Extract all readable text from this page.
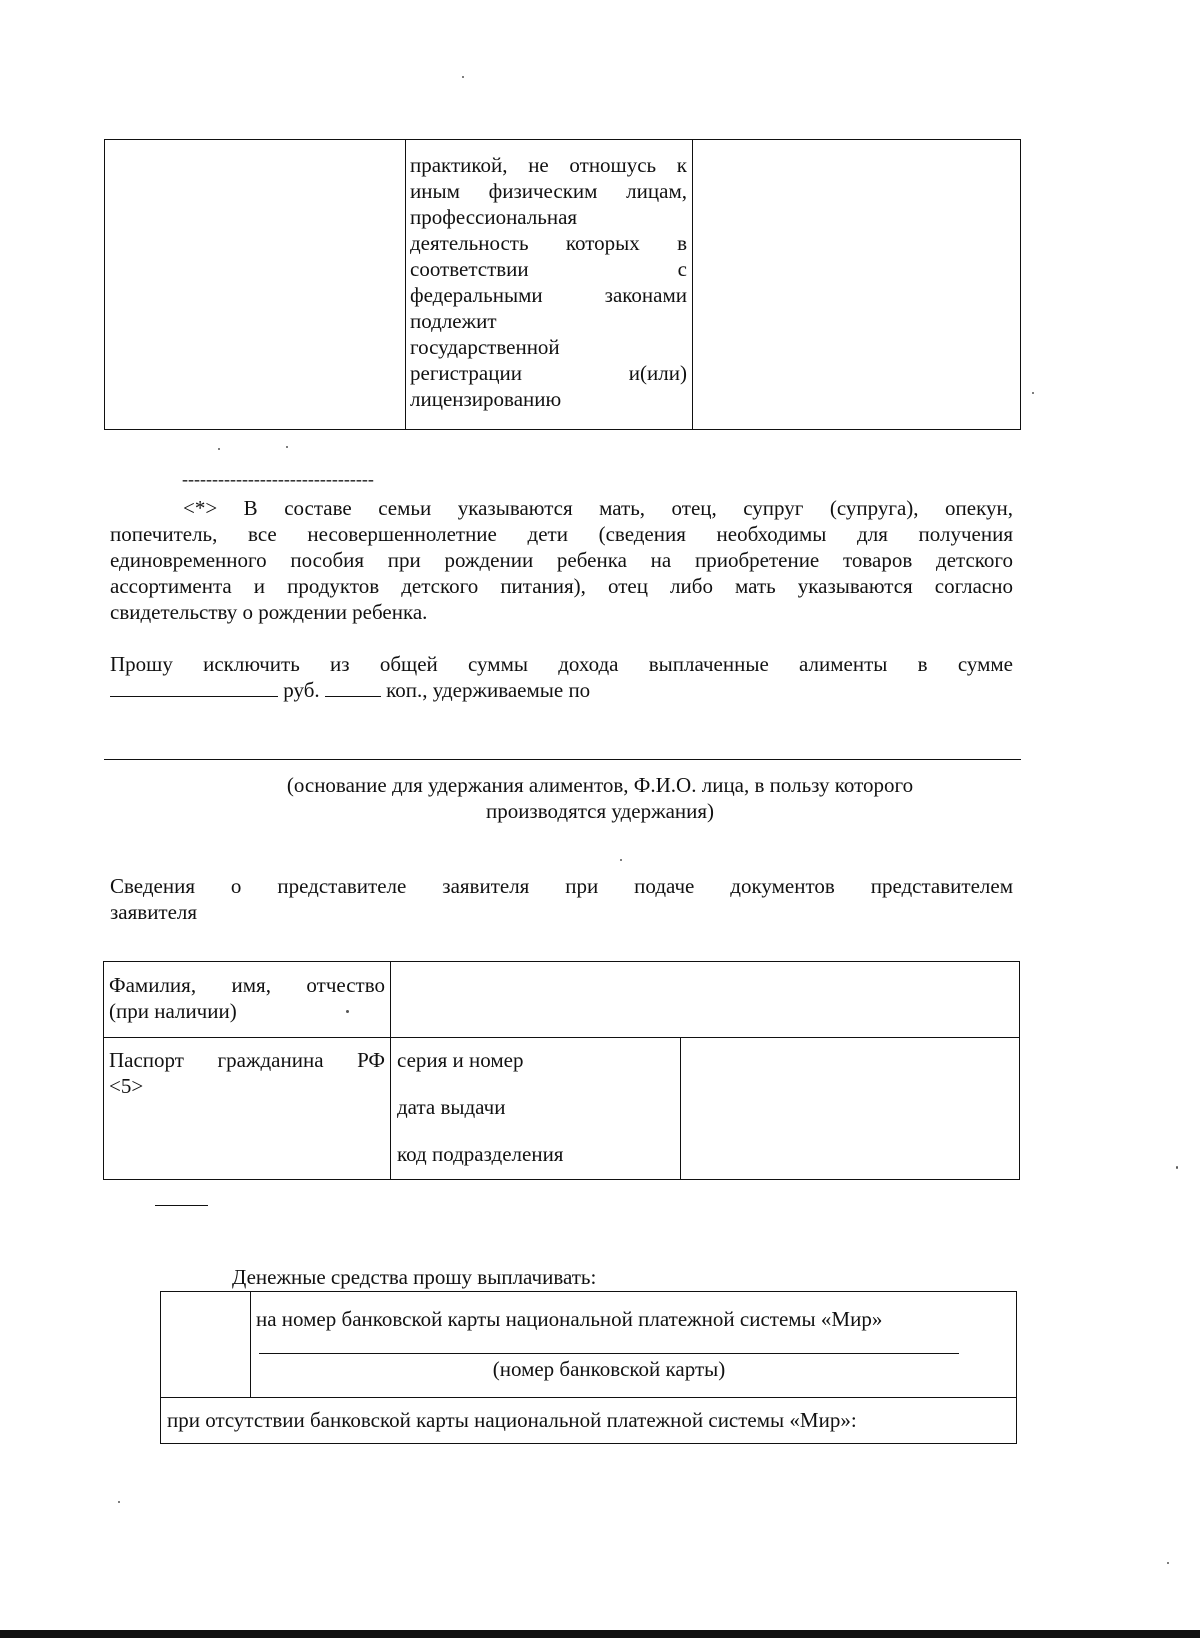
практикой, не отношусь к
иным физическим лицам,
профессиональная
деятельность которых в
соответствии с
федеральными законами
подлежит
государственной
регистрации и(или)
лицензированию
--------------------------------
<*> В составе семьи указываются мать, отец, супруг (супруга), опекун,
попечитель, все несовершеннолетние дети (сведения необходимы для получения
единовременного пособия при рождении ребенка на приобретение товаров детского
ассортимента и продуктов детского питания), отец либо мать указываются согласно
свидетельству о рождении ребенка.
Прошу исключить из общей суммы дохода выплаченные алименты в сумме
руб.	коп., удерживаемые по
(основание для удержания алиментов, Ф.И.О. лица, в пользу которого
производятся удержания)
Сведения о представителе заявителя при подаче документов представителем
заявителя
Фамилия, имя, отчество
(при наличии)
Паспорт гражданина РФ
<5>
серия и номер
дата выдачи
код подразделения
Денежные средства прошу выплачивать:
на номер банковской карты национальной платежной системы «Мир»
(номер банковской карты)
при отсутствии банковской карты национальной платежной системы «Мир»:
